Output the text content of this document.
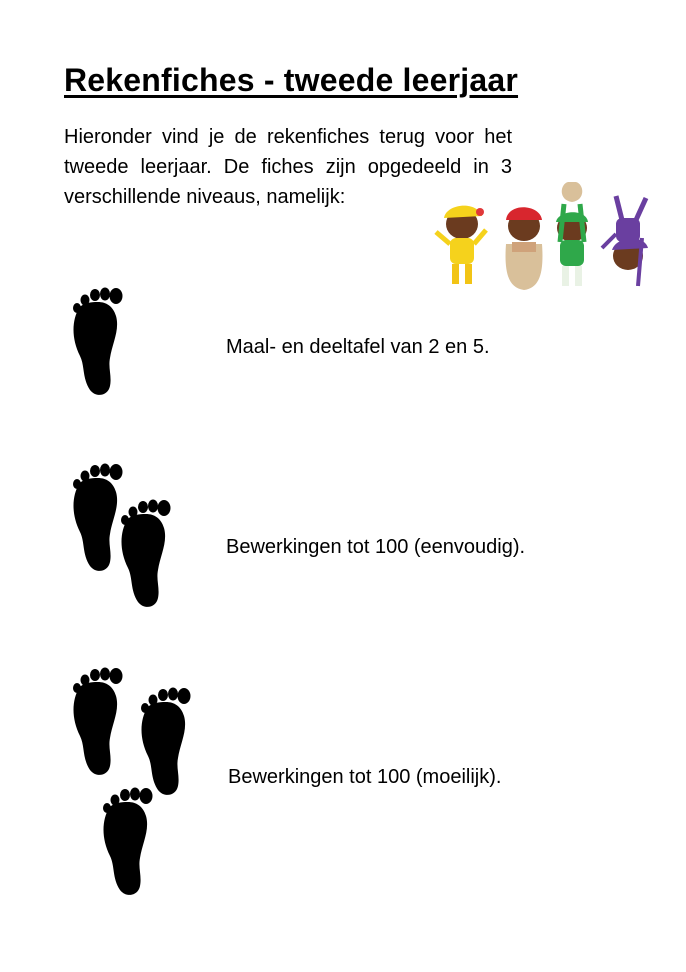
Rekenfiches - tweede leerjaar

Hieronder vind je de rekenfiches terug voor het tweede leerjaar. De fiches zijn opgedeeld in 3 verschillende niveaus, namelijk:

Maal- en deeltafel van 2 en 5.
Bewerkingen tot 100 (eenvoudig).
Bewerkingen tot 100 (moeilijk).
